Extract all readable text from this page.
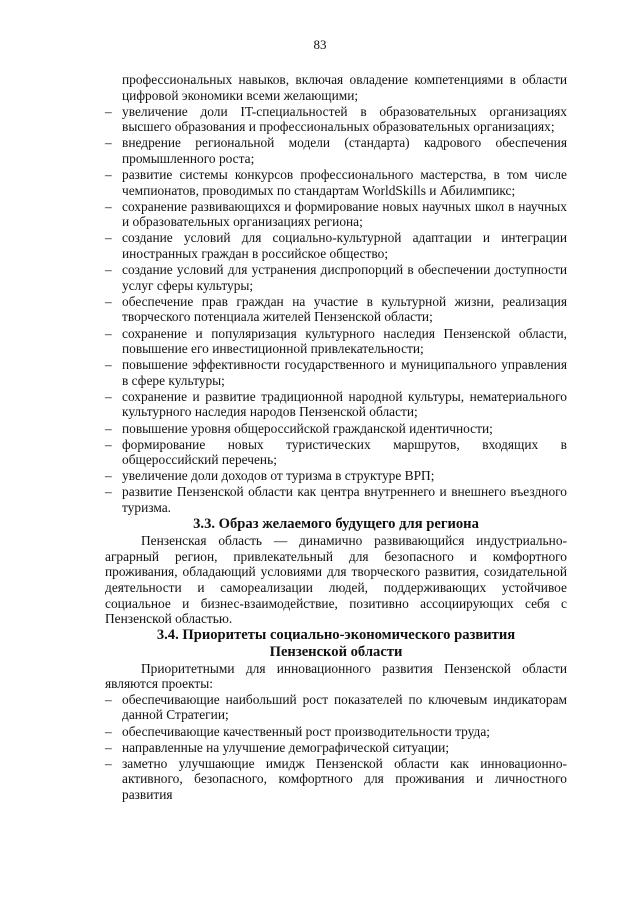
83
профессиональных навыков, включая овладение компетенциями в области цифровой экономики всеми желающими;
– увеличение доли IT-специальностей в образовательных организациях высшего образования и профессиональных образовательных организациях;
– внедрение региональной модели (стандарта) кадрового обеспечения промышленного роста;
– развитие системы конкурсов профессионального мастерства, в том числе чемпионатов, проводимых по стандартам WorldSkills и Абилимпикс;
– сохранение развивающихся и формирование новых научных школ в научных и образовательных организациях региона;
– создание условий для социально-культурной адаптации и интеграции иностранных граждан в российское общество;
– создание условий для устранения диспропорций в обеспечении доступности услуг сферы культуры;
– обеспечение прав граждан на участие в культурной жизни, реализация творческого потенциала жителей Пензенской области;
– сохранение и популяризация культурного наследия Пензенской области, повышение его инвестиционной привлекательности;
– повышение эффективности государственного и муниципального управления в сфере культуры;
– сохранение и развитие традиционной народной культуры, нематериального культурного наследия народов Пензенской области;
– повышение уровня общероссийской гражданской идентичности;
– формирование новых туристических маршрутов, входящих в общероссийский перечень;
– увеличение доли доходов от туризма в структуре ВРП;
– развитие Пензенской области как центра внутреннего и внешнего въездного туризма.
3.3. Образ желаемого будущего для региона

Пензенская область — динамично развивающийся индустриально-аграрный регион, привлекательный для безопасного и комфортного проживания, обладающий условиями для творческого развития, созидательной деятельности и самореализации людей, поддерживающих устойчивое социальное и бизнес-взаимодействие, позитивно ассоциирующих себя с Пензенской областью.

3.4. Приоритеты социально-экономического развития
Пензенской области

Приоритетными для инновационного развития Пензенской области являются проекты:

– обеспечивающие наибольший рост показателей по ключевым индикаторам данной Стратегии;
– обеспечивающие качественный рост производительности труда;
– направленные на улучшение демографической ситуации;
– заметно улучшающие имидж Пензенской области как инновационно-активного, безопасного, комфортного для проживания и личностного развития
